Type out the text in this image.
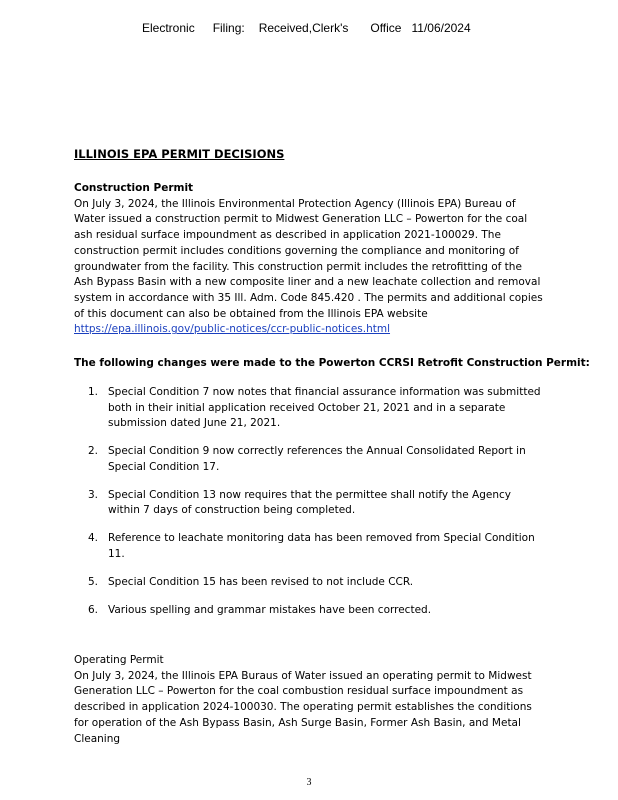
Electronic Filing: Received,Clerk's Office 11/06/2024
ILLINOIS EPA PERMIT DECISIONS
Construction Permit
On July 3, 2024, the Illinois Environmental Protection Agency (Illinois EPA) Bureau of Water issued a construction permit to Midwest Generation LLC – Powerton for the coal ash residual surface impoundment as described in application 2021-100029. The construction permit includes conditions governing the compliance and monitoring of groundwater from the facility. This construction permit includes the retrofitting of the Ash Bypass Basin with a new composite liner and a new leachate collection and removal system in accordance with 35 Ill. Adm. Code 845.420 . The permits and additional copies of this document can also be obtained from the Illinois EPA website  https://epa.illinois.gov/public-notices/ccr-public-notices.html
The following changes were made to the Powerton CCRSI Retrofit Construction Permit:
1. Special Condition 7 now notes that financial assurance information was submitted both in their initial application received October 21, 2021 and in a separate submission dated June 21, 2021.
2. Special Condition 9 now correctly references the Annual Consolidated Report in Special Condition 17.
3. Special Condition 13 now requires that the permittee shall notify the Agency within 7 days of construction being completed.
4. Reference to leachate monitoring data has been removed from Special Condition 11.
5. Special Condition 15 has been revised to not include CCR.
6. Various spelling and grammar mistakes have been corrected.
Operating Permit
On July 3, 2024, the Illinois EPA Buraus of Water issued an operating permit to Midwest Generation LLC – Powerton for the coal combustion residual surface impoundment as described in application 2024-100030. The operating permit establishes the conditions for operation of the Ash Bypass Basin, Ash Surge Basin, Former Ash Basin, and Metal Cleaning
3
